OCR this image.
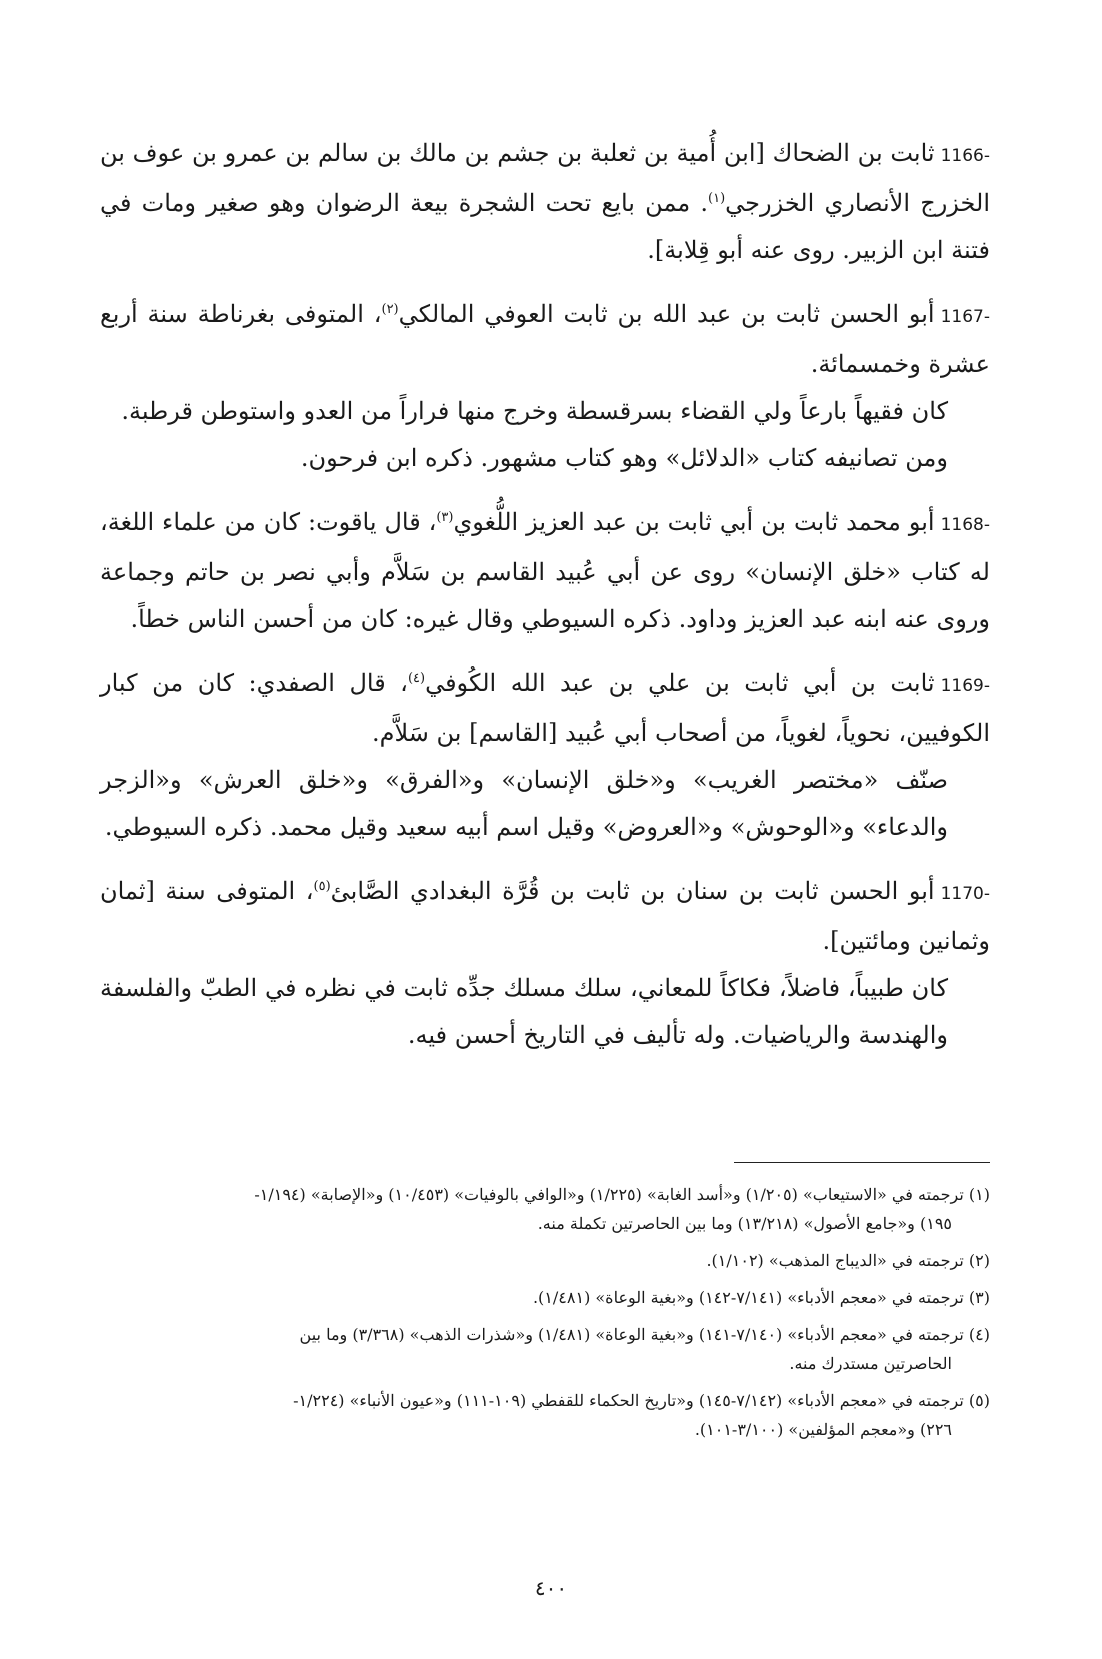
1166-ثابت بن الضحاك [ابن أُمية بن ثعلبة بن جشم بن مالك بن سالم بن عمرو بن عوف بن الخزرج الأنصاري الخزرجي$^{(١)}$. ممن بايع تحت الشجرة بيعة الرضوان وهو صغير ومات في فتنة ابن الزبير. روى عنه أبو قِلابة].
1167-أبو الحسن ثابت بن عبد الله بن ثابت العوفي المالكي$^{(٢)}$، المتوفى بغرناطة سنة أربع عشرة وخمسمائة.
كان فقيهاً بارعاً ولي القضاء بسرقسطة وخرج منها فراراً من العدو واستوطن قرطبة.
ومن تصانيفه كتاب «الدلائل» وهو كتاب مشهور. ذكره ابن فرحون.
1168-أبو محمد ثابت بن أبي ثابت بن عبد العزيز اللُّغوي$^{(٣)}$، قال ياقوت: كان من علماء اللغة، له كتاب «خلق الإنسان» روى عن أبي عُبيد القاسم بن سَلاَّم وأبي نصر بن حاتم وجماعة وروى عنه ابنه عبد العزيز وداود. ذكره السيوطي وقال غيره: كان من أحسن الناس خطاً.
1169-ثابت بن أبي ثابت بن علي بن عبد الله الكُوفي$^{(٤)}$، قال الصفدي: كان من كبار الكوفيين، نحوياً، لغوياً، من أصحاب أبي عُبيد [القاسم] بن سَلاَّم.
صنّف «مختصر الغريب» و«خلق الإنسان» و«الفرق» و«خلق العرش» و«الزجر والدعاء» و«الوحوش» و«العروض» وقيل اسم أبيه سعيد وقيل محمد. ذكره السيوطي.
1170-أبو الحسن ثابت بن سنان بن ثابت بن قُرَّة البغدادي الصَّابئ$^{(٥)}$، المتوفى سنة [ثمان وثمانين ومائتين].
كان طبيباً، فاضلاً، فكاكاً للمعاني، سلك مسلك جدِّه ثابت في نظره في الطبّ والفلسفة والهندسة والرياضيات. وله تأليف في التاريخ أحسن فيه.
(١) ترجمته في «الاستيعاب» (١/٢٠٥) و«أسد الغابة» (١/٢٢٥) و«الوافي بالوفيات» (١٠/٤٥٣) و«الإصابة» (١/١٩٤-
١٩٥) و«جامع الأصول» (١٣/٢١٨) وما بين الحاصرتين تكملة منه.
(٢) ترجمته في «الديباج المذهب» (١/١٠٢).
(٣) ترجمته في «معجم الأدباء» (٧/١٤١-١٤٢) و«بغية الوعاة» (١/٤٨١).
(٤) ترجمته في «معجم الأدباء» (٧/١٤٠-١٤١) و«بغية الوعاة» (١/٤٨١) و«شذرات الذهب» (٣/٣٦٨) وما بين
الحاصرتين مستدرك منه.
(٥) ترجمته في «معجم الأدباء» (٧/١٤٢-١٤٥) و«تاريخ الحكماء للقفطي (١٠٩-١١١) و«عيون الأنباء» (١/٢٢٤-
٢٢٦) و«معجم المؤلفين» (٣/١٠٠-١٠١).
٤٠٠
